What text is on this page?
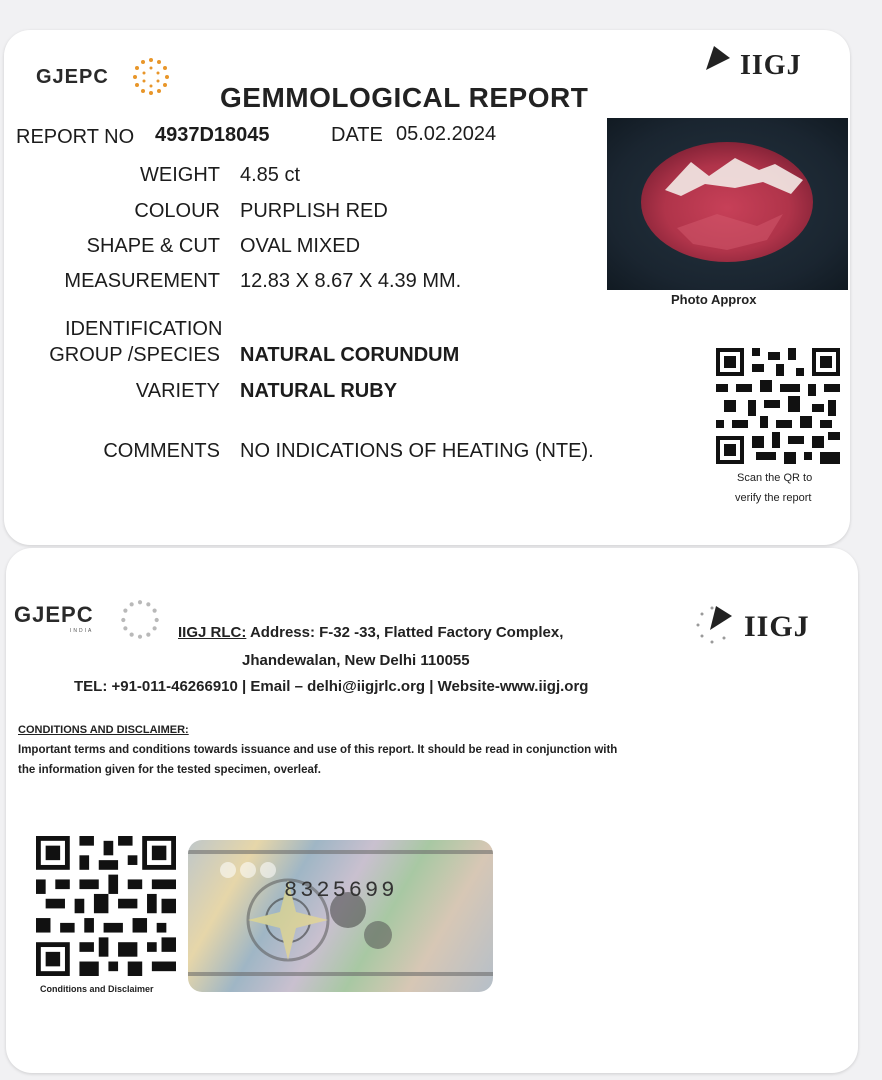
GJEPC	IIGJ
GEMMOLOGICAL REPORT
REPORT NO 4937D18045	DATE 05.02.2024
WEIGHT 4.85 ct
COLOUR PURPLISH RED
SHAPE & CUT OVAL MIXED
MEASUREMENT 12.83 X 8.67 X 4.39 MM.
IDENTIFICATION
GROUP /SPECIES NATURAL CORUNDUM
VARIETY NATURAL RUBY
COMMENTS NO INDICATIONS OF HEATING (NTE).
Photo Approx
Scan the QR to
verify the report
GJEPC
INDIA	IIGJ
IIGJ RLC: Address: F-32 -33, Flatted Factory Complex,
Jhandewalan, New Delhi 110055
TEL: +91-011-46266910 | Email – delhi@iigjrlc.org | Website-www.iigj.org
CONDITIONS AND DISCLAIMER:
Important terms and conditions towards issuance and use of this report. It should be read in conjunction with
the information given for the tested specimen, overleaf.
Conditions and Disclaimer
8325699
